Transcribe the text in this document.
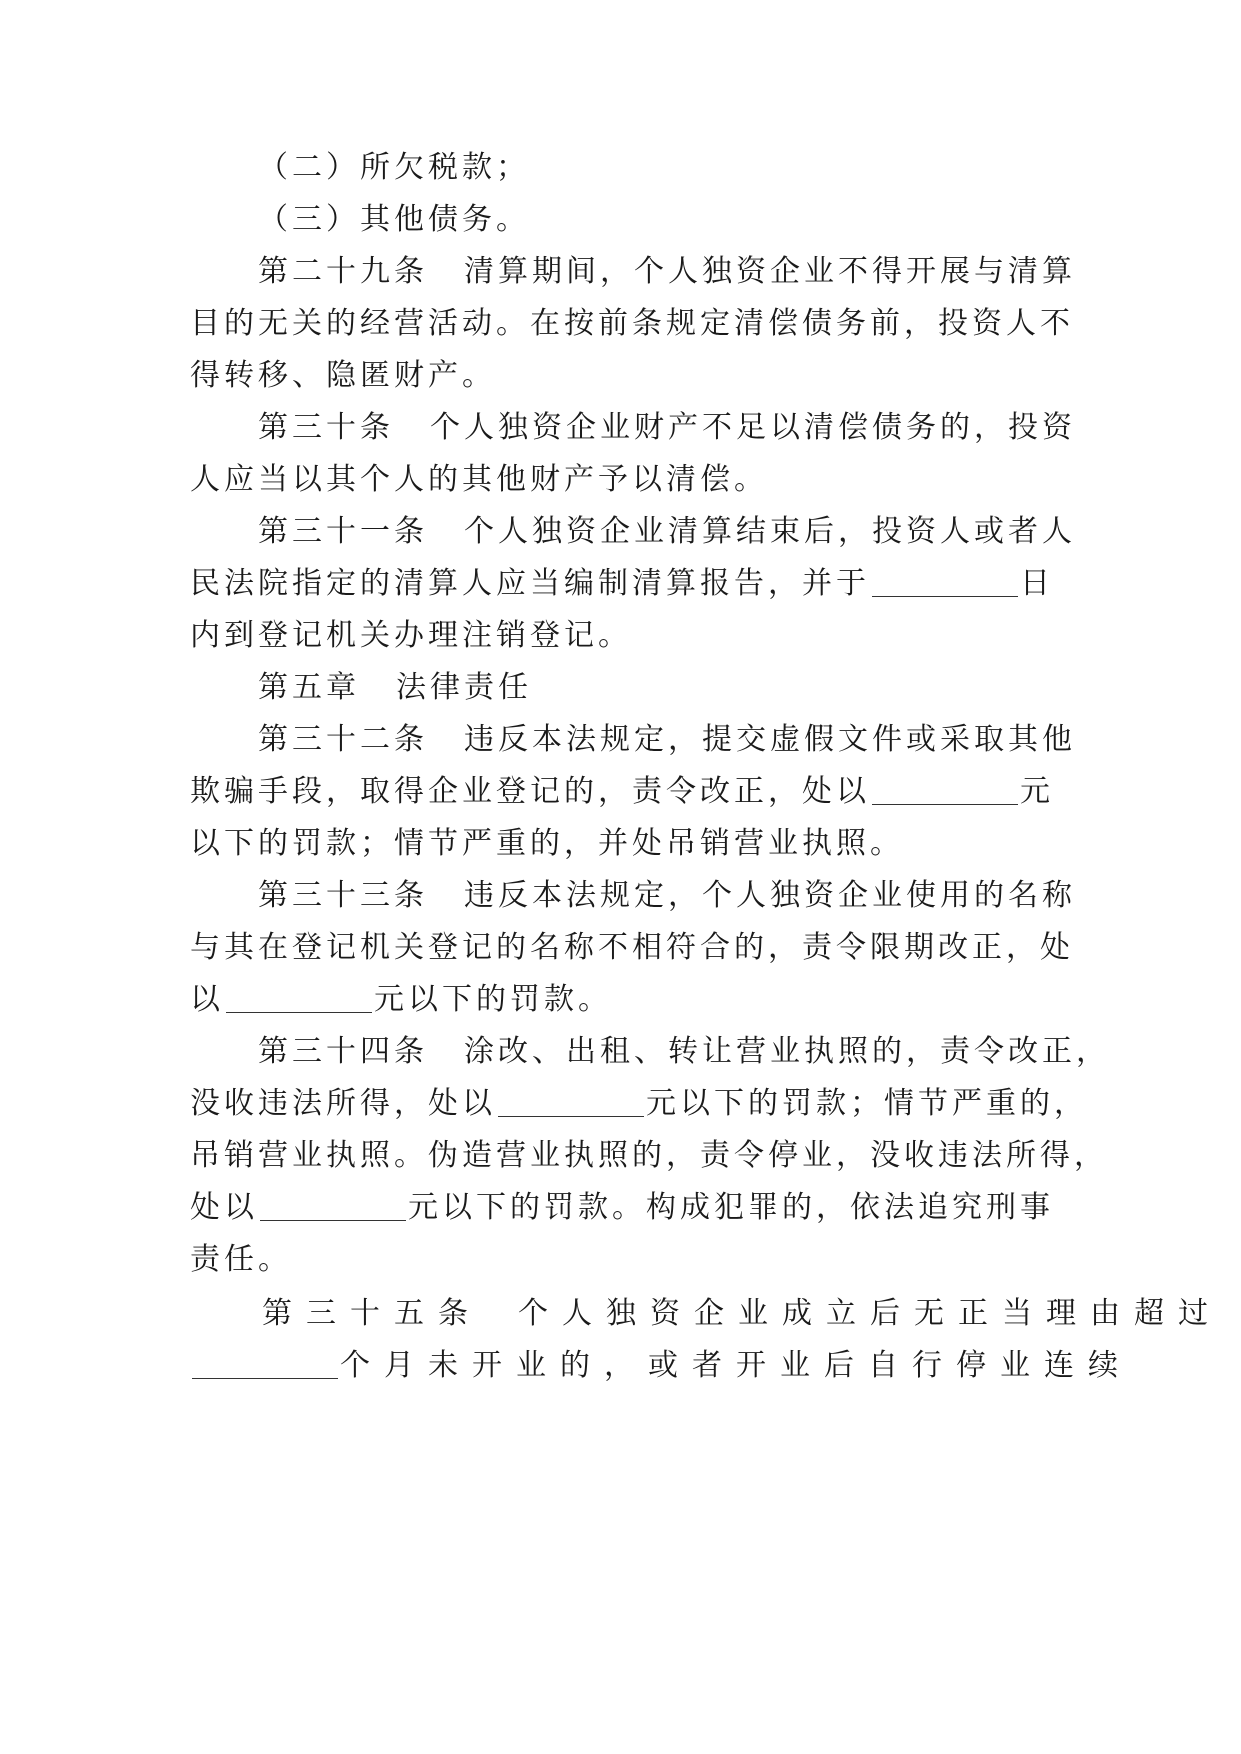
（二）所欠税款；
（三）其他债务。
第二十九条 清算期间，个人独资企业不得开展与清算
目的无关的经营活动。在按前条规定清偿债务前，投资人不
得转移、隐匿财产。
第三十条 个人独资企业财产不足以清偿债务的，投资
人应当以其个人的其他财产予以清偿。
第三十一条 个人独资企业清算结束后，投资人或者人
民法院指定的清算人应当编制清算报告，并于	日
内到登记机关办理注销登记。
第五章 法律责任
第三十二条 违反本法规定，提交虚假文件或采取其他
欺骗手段，取得企业登记的，责令改正，处以	元
以下的罚款；情节严重的，并处吊销营业执照。
第三十三条 违反本法规定，个人独资企业使用的名称
与其在登记机关登记的名称不相符合的，责令限期改正，处
以	元以下的罚款。
第三十四条 涂改、出租、转让营业执照的，责令改正，
没收违法所得，处以	元以下的罚款；情节严重的，
吊销营业执照。伪造营业执照的，责令停业，没收违法所得，
处以	元以下的罚款。构成犯罪的，依法追究刑事
责任。
第三十五条 个人独资企业成立后无正当理由超过
个月未开业的，或者开业后自行停业连续
